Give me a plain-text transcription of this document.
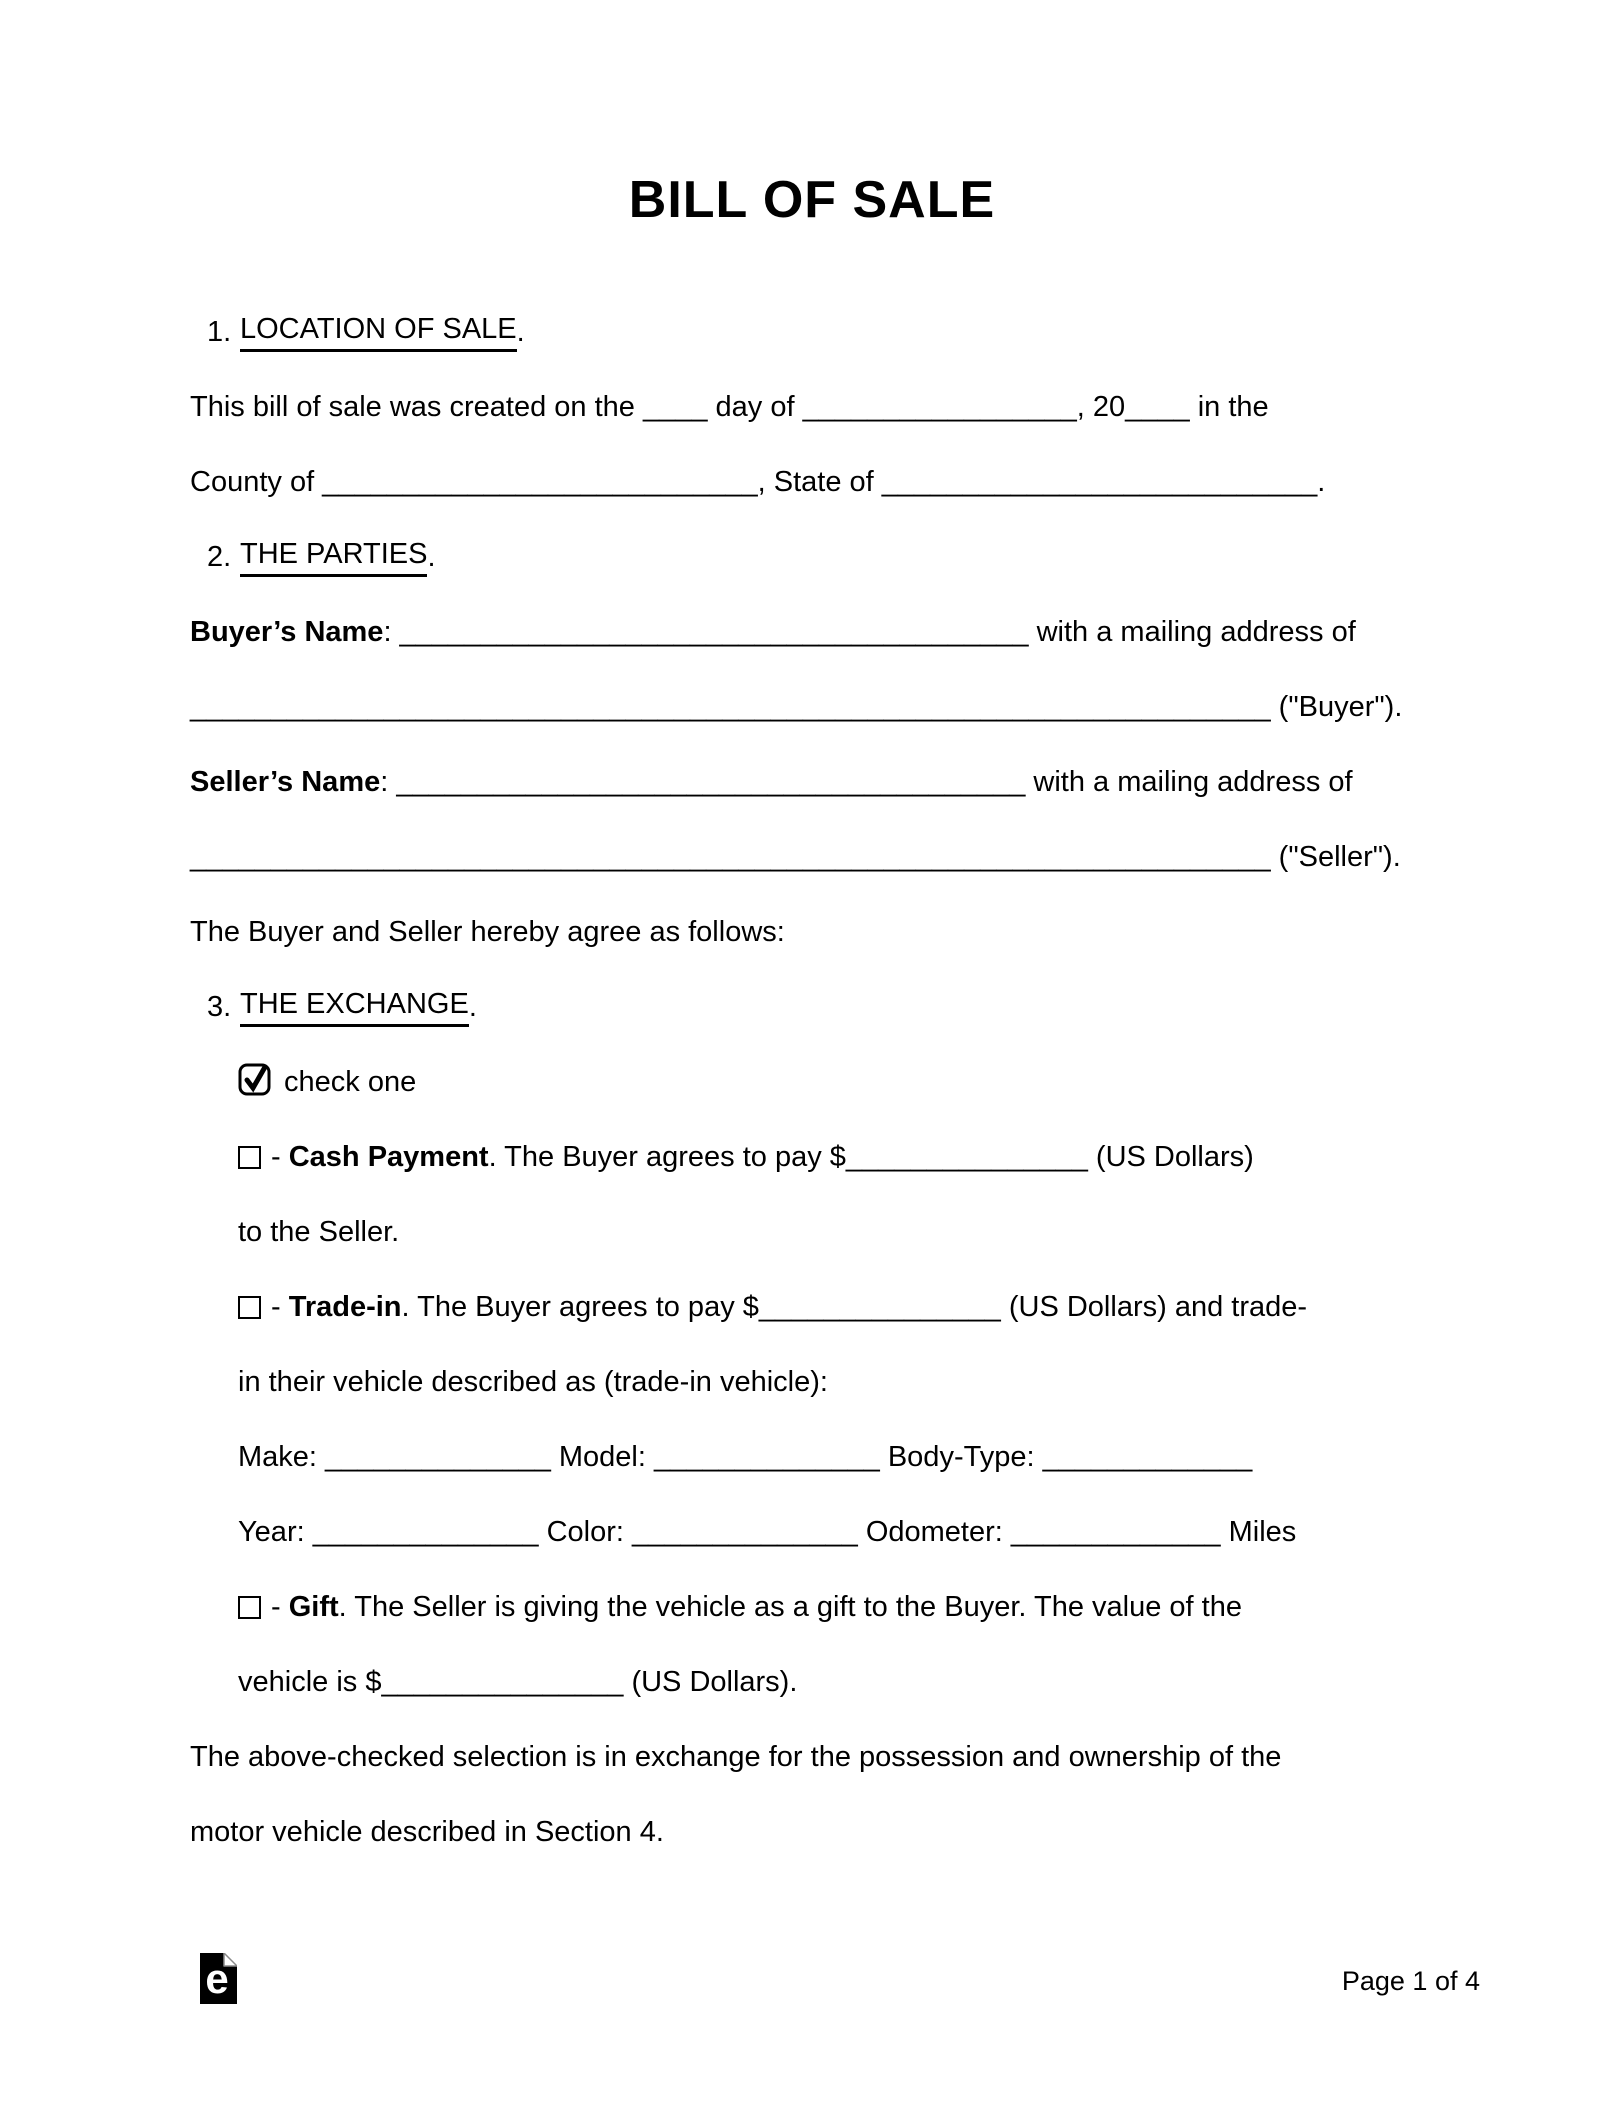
BILL OF SALE
1. LOCATION OF SALE .
This bill of sale was created on the ____ day of _________________, 20____ in the
County of ___________________________, State of ___________________________.
2. THE PARTIES .
Buyer’s Name : _______________________________________ with a mailing address of
___________________________________________________________________ ("Buyer").
Seller’s Name : _______________________________________ with a mailing address of
___________________________________________________________________ ("Seller").
The Buyer and Seller hereby agree as follows:
3. THE EXCHANGE .
check one
- Cash Payment . The Buyer agrees to pay $_______________ (US Dollars)
to the Seller.
- Trade-in . The Buyer agrees to pay $_______________ (US Dollars) and trade-
in their vehicle described as (trade-in vehicle):
Make: ______________ Model: ______________ Body-Type: _____________
Year: ______________ Color: ______________ Odometer: _____________ Miles
- Gift . The Seller is giving the vehicle as a gift to the Buyer. The value of the
vehicle is $_______________ (US Dollars).
The above-checked selection is in exchange for the possession and ownership of the
motor vehicle described in Section 4.
e	Page 1 of 4
